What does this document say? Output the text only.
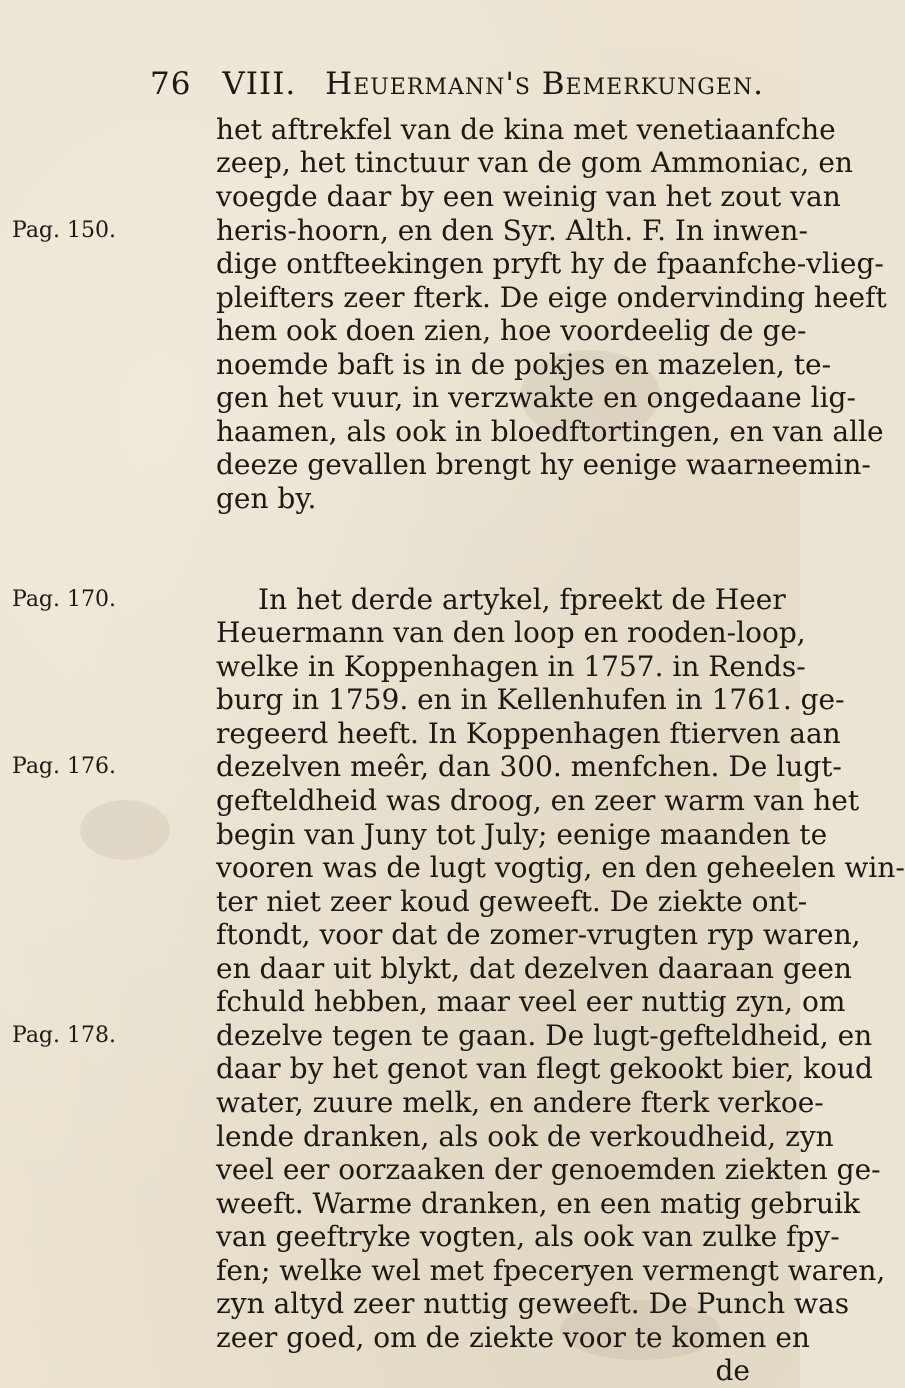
76 VIII. Heuermann's Bemerkungen.
Pag. 150.
Pag. 170.
Pag. 176.
Pag. 178.
het aftrekfel van de kina met venetiaanfche
zeep, het tinctuur van de gom Ammoniac, en
voegde daar by een weinig van het zout van
heris-hoorn, en den Syr. Alth. F. In inwen-
dige ontfteekingen pryft hy de fpaanfche-vlieg-
pleifters zeer fterk. De eige ondervinding heeft
hem ook doen zien, hoe voordeelig de ge-
noemde baft is in de pokjes en mazelen, te-
gen het vuur, in verzwakte en ongedaane lig-
haamen, als ook in bloedftortingen, en van alle
deeze gevallen brengt hy eenige waarneemin-
gen by.
In het derde artykel, fpreekt de Heer
Heuermann van den loop en rooden-loop,
welke in Koppenhagen in 1757. in Rends-
burg in 1759. en in Kellenhufen in 1761. ge-
regeerd heeft. In Koppenhagen ftierven aan
dezelven meêr, dan 300. menfchen. De lugt-
gefteldheid was droog, en zeer warm van het
begin van Juny tot July; eenige maanden te
vooren was de lugt vogtig, en den geheelen win-
ter niet zeer koud geweeft. De ziekte ont-
ftondt, voor dat de zomer-vrugten ryp waren,
en daar uit blykt, dat dezelven daaraan geen
fchuld hebben, maar veel eer nuttig zyn, om
dezelve tegen te gaan. De lugt-gefteldheid, en
daar by het genot van flegt gekookt bier, koud
water, zuure melk, en andere fterk verkoe-
lende dranken, als ook de verkoudheid, zyn
veel eer oorzaaken der genoemden ziekten ge-
weeft. Warme dranken, en een matig gebruik
van geeftryke vogten, als ook van zulke fpy-
fen; welke wel met fpeceryen vermengt waren,
zyn altyd zeer nuttig geweeft. De Punch was
zeer goed, om de ziekte voor te komen en
de
